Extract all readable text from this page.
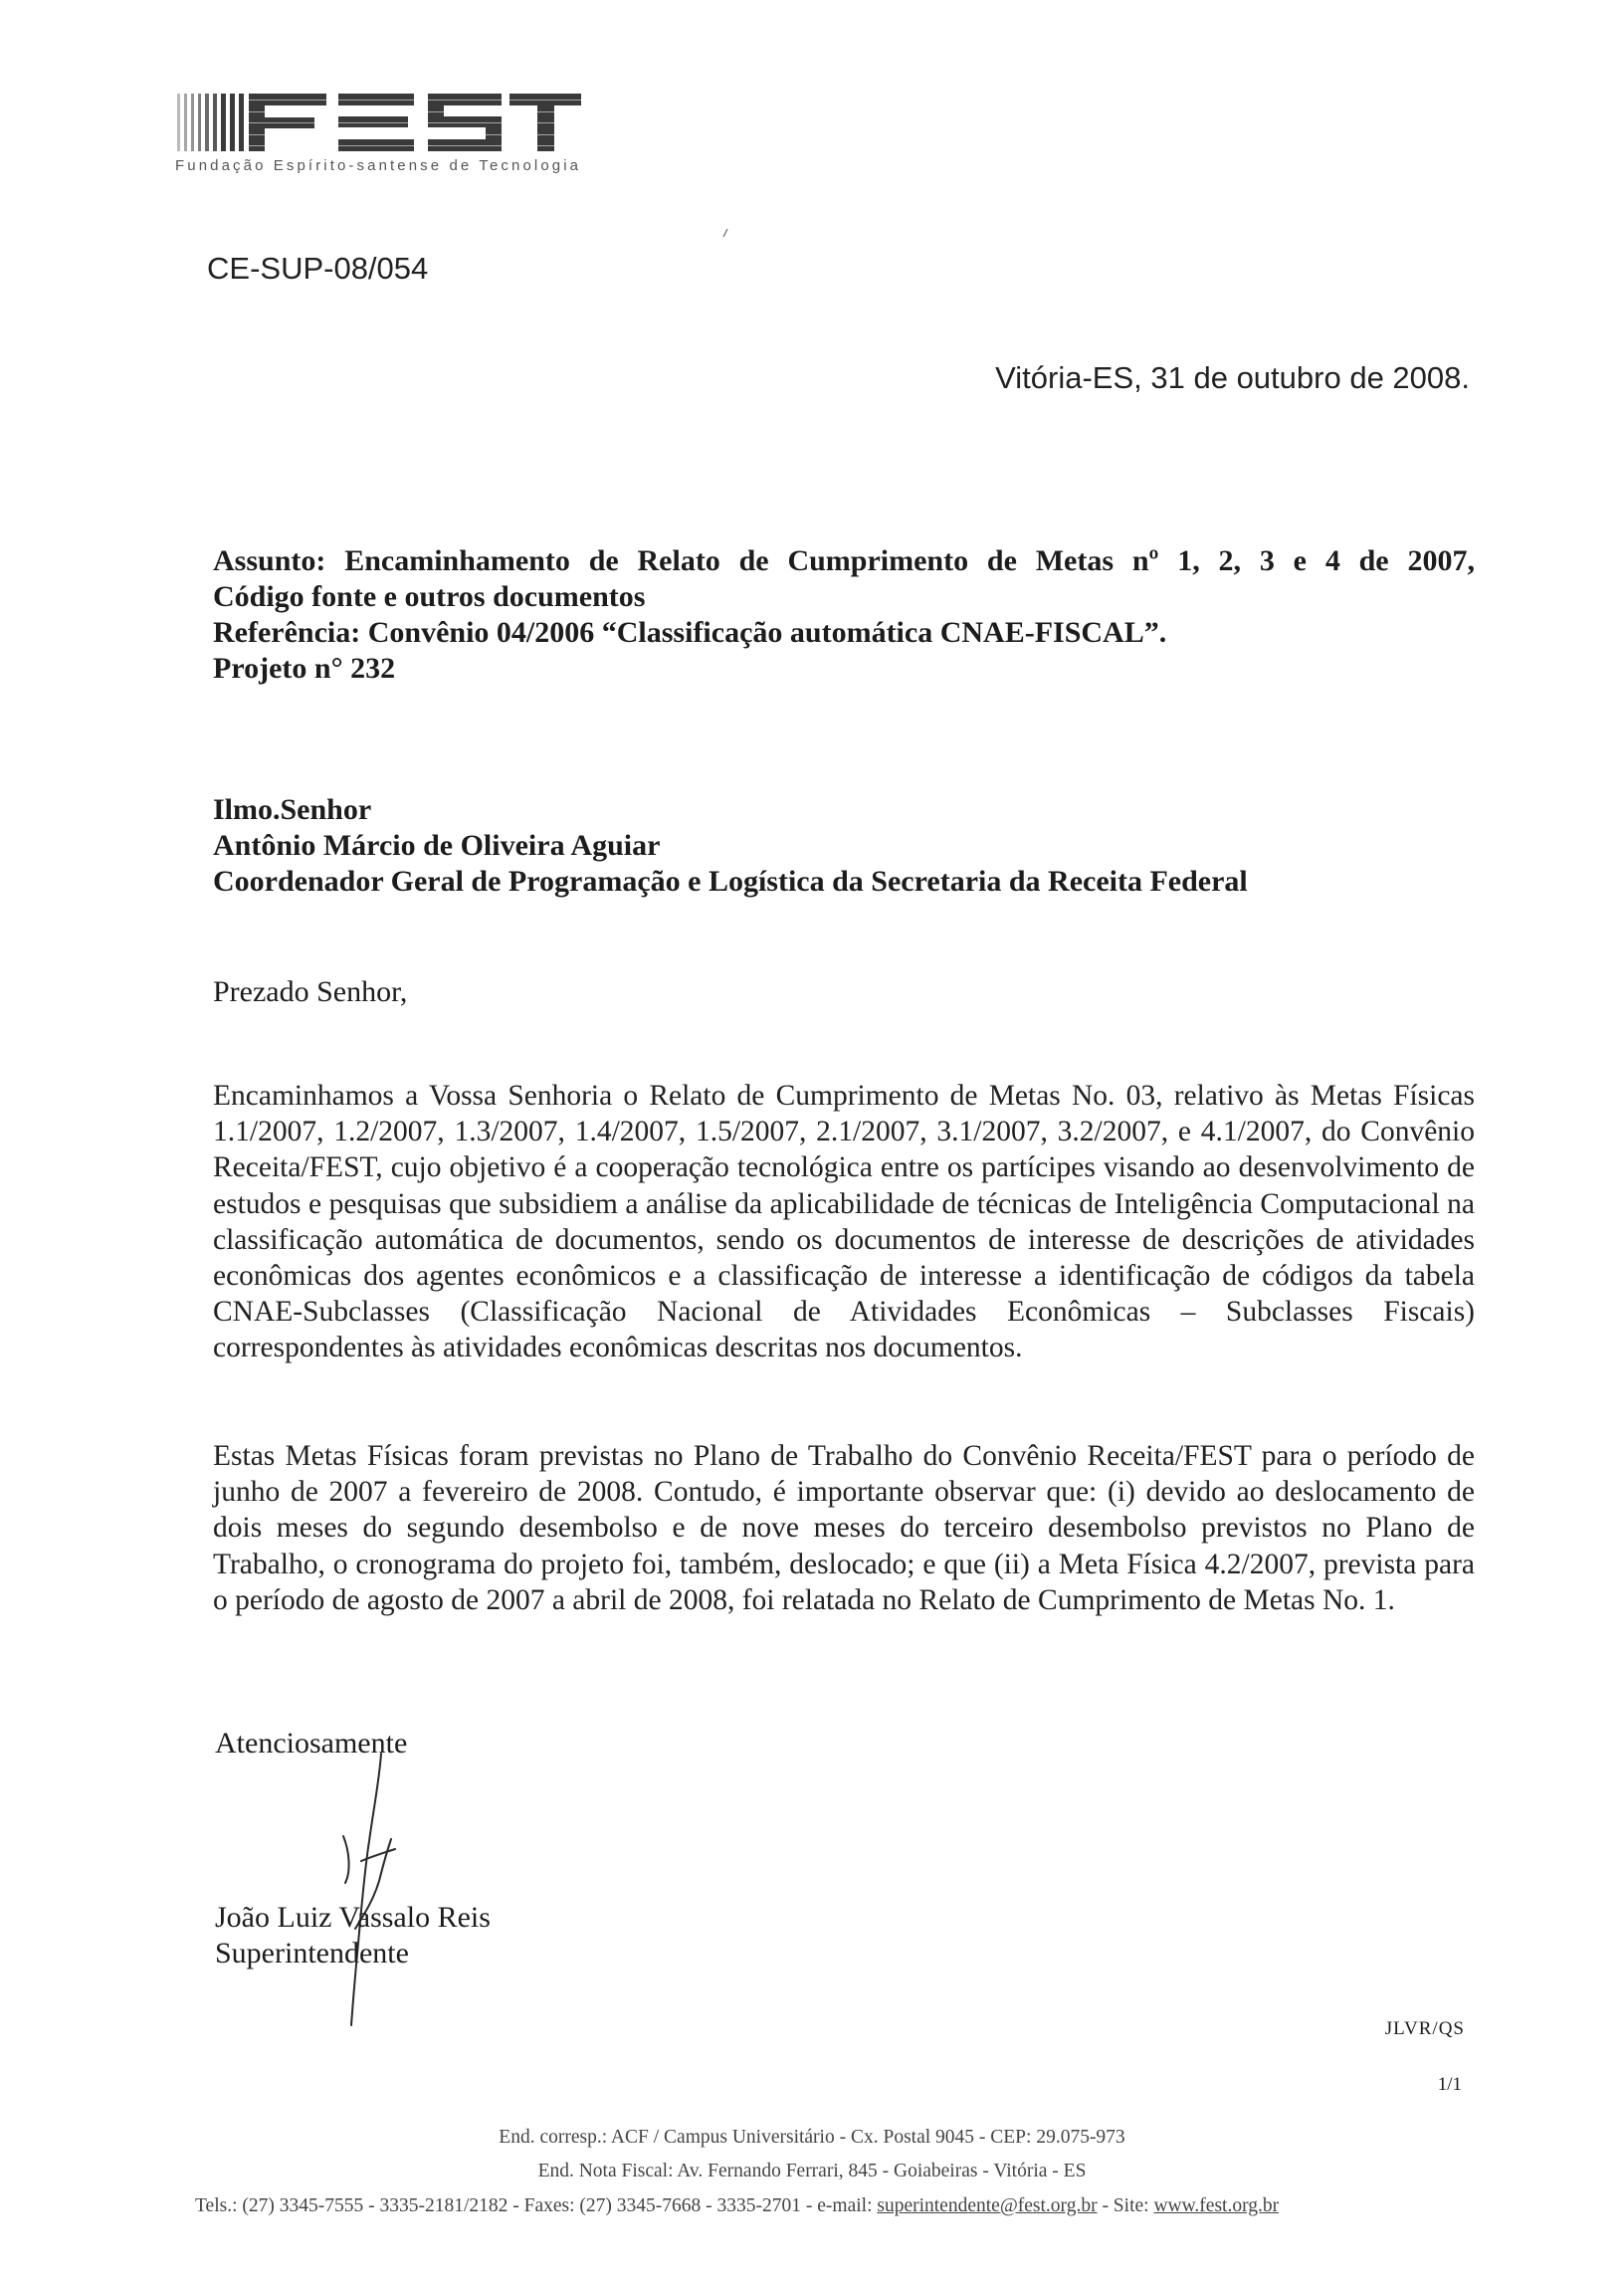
Fundação Espírito-santense de Tecnologia
CE-SUP-08/054
Vitória-ES, 31 de outubro de 2008.
Assunto: Encaminhamento de Relato de Cumprimento de Metas nº 1, 2, 3 e 4 de 2007,
Código fonte e outros documentos
Referência: Convênio 04/2006 “Classificação automática CNAE-FISCAL”.
Projeto n° 232
Ilmo.Senhor
Antônio Márcio de Oliveira Aguiar
Coordenador Geral de Programação e Logística da Secretaria da Receita Federal
Prezado Senhor,

Encaminhamos a Vossa Senhoria o Relato de Cumprimento de Metas No. 03, relativo às Metas Físicas 1.1/2007, 1.2/2007, 1.3/2007, 1.4/2007, 1.5/2007, 2.1/2007, 3.1/2007, 3.2/2007, e 4.1/2007, do Convênio Receita/FEST, cujo objetivo é a cooperação tecnológica entre os partícipes visando ao desenvolvimento de estudos e pesquisas que subsidiem a análise da aplicabilidade de técnicas de Inteligência Computacional na classificação automática de documentos, sendo os documentos de interesse de descrições de atividades econômicas dos agentes econômicos e a classificação de interesse a identificação de códigos da tabela CNAE-Subclasses (Classificação Nacional de Atividades Econômicas – Subclasses Fiscais) correspondentes às atividades econômicas descritas nos documentos.

Estas Metas Físicas foram previstas no Plano de Trabalho do Convênio Receita/FEST para o período de junho de 2007 a fevereiro de 2008. Contudo, é importante observar que: (i) devido ao deslocamento de dois meses do segundo desembolso e de nove meses do terceiro desembolso previstos no Plano de Trabalho, o cronograma do projeto foi, também, deslocado; e que (ii) a Meta Física 4.2/2007, prevista para o período de agosto de 2007 a abril de 2008, foi relatada no Relato de Cumprimento de Metas No. 1.

Atenciosamente
João Luiz Vassalo Reis
Superintendente
JLVR/QS
1/1
End. corresp.: ACF / Campus Universitário - Cx. Postal 9045 - CEP: 29.075-973
End. Nota Fiscal: Av. Fernando Ferrari, 845 - Goiabeiras - Vitória - ES
Tels.: (27) 3345-7555 - 3335-2181/2182 - Faxes: (27) 3345-7668 - 3335-2701 - e-mail: superintendente@fest.org.br - Site: www.fest.org.br
